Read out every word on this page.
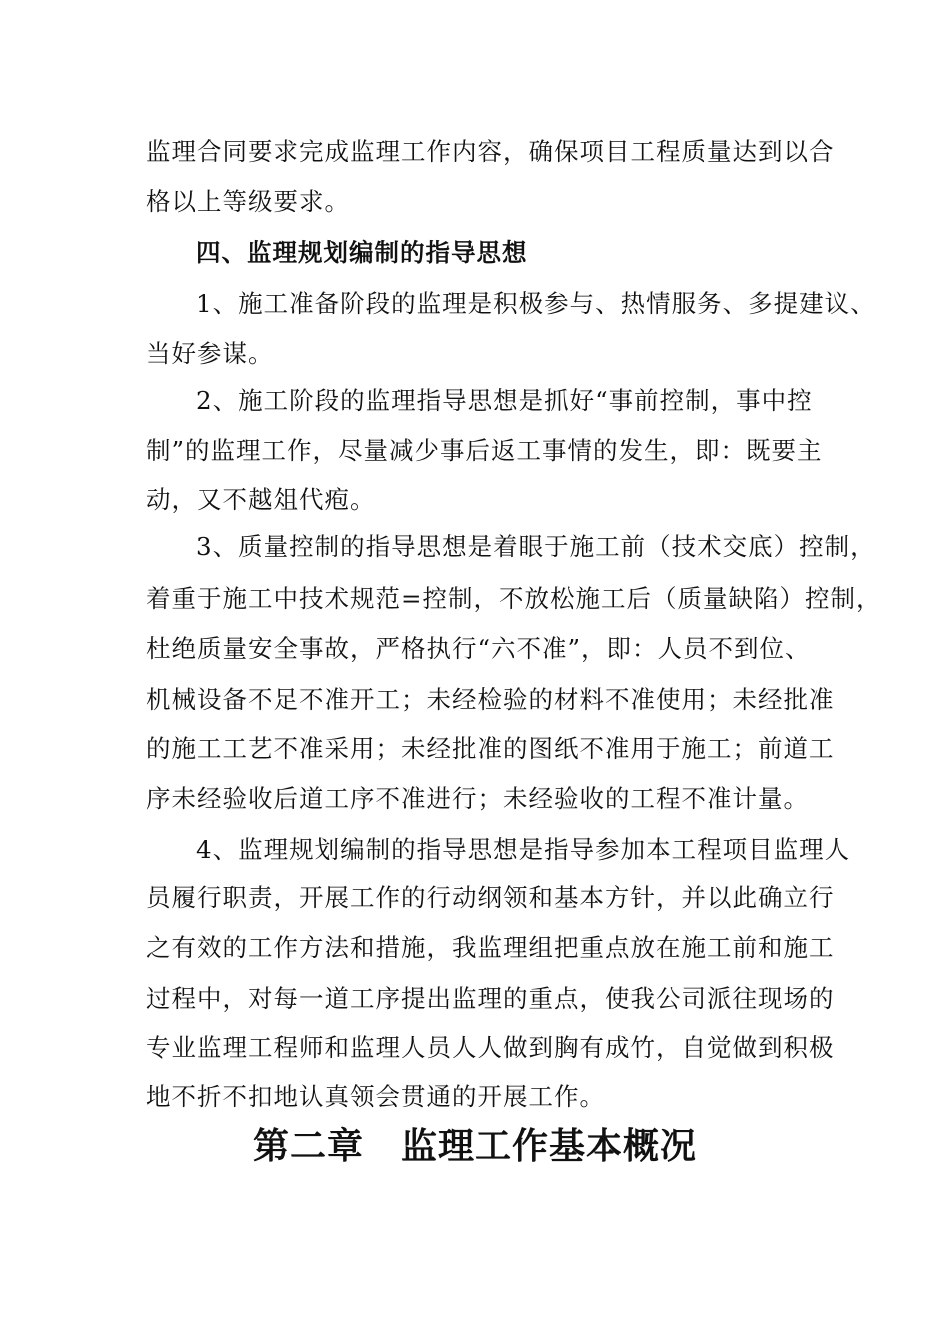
监理合同要求完成监理工作内容，确保项目工程质量达到以合
格以上等级要求。
四、监理规划编制的指导思想
1、施工准备阶段的监理是积极参与、热情服务、多提建议、
当好参谋。
2、施工阶段的监理指导思想是抓好“事前控制，事中控
制”的监理工作，尽量减少事后返工事情的发生，即：既要主
动，又不越俎代疱。
3、质量控制的指导思想是着眼于施工前（技术交底）控制，
着重于施工中技术规范=控制，不放松施工后（质量缺陷）控制，
杜绝质量安全事故，严格执行“六不准”，即：人员不到位、
机械设备不足不准开工；未经检验的材料不准使用；未经批准
的施工工艺不准采用；未经批准的图纸不准用于施工；前道工
序未经验收后道工序不准进行；未经验收的工程不准计量。
4、监理规划编制的指导思想是指导参加本工程项目监理人
员履行职责，开展工作的行动纲领和基本方针，并以此确立行
之有效的工作方法和措施，我监理组把重点放在施工前和施工
过程中，对每一道工序提出监理的重点，使我公司派往现场的
专业监理工程师和监理人员人人做到胸有成竹，自觉做到积极
地不折不扣地认真领会贯通的开展工作。
第二章　监理工作基本概况
